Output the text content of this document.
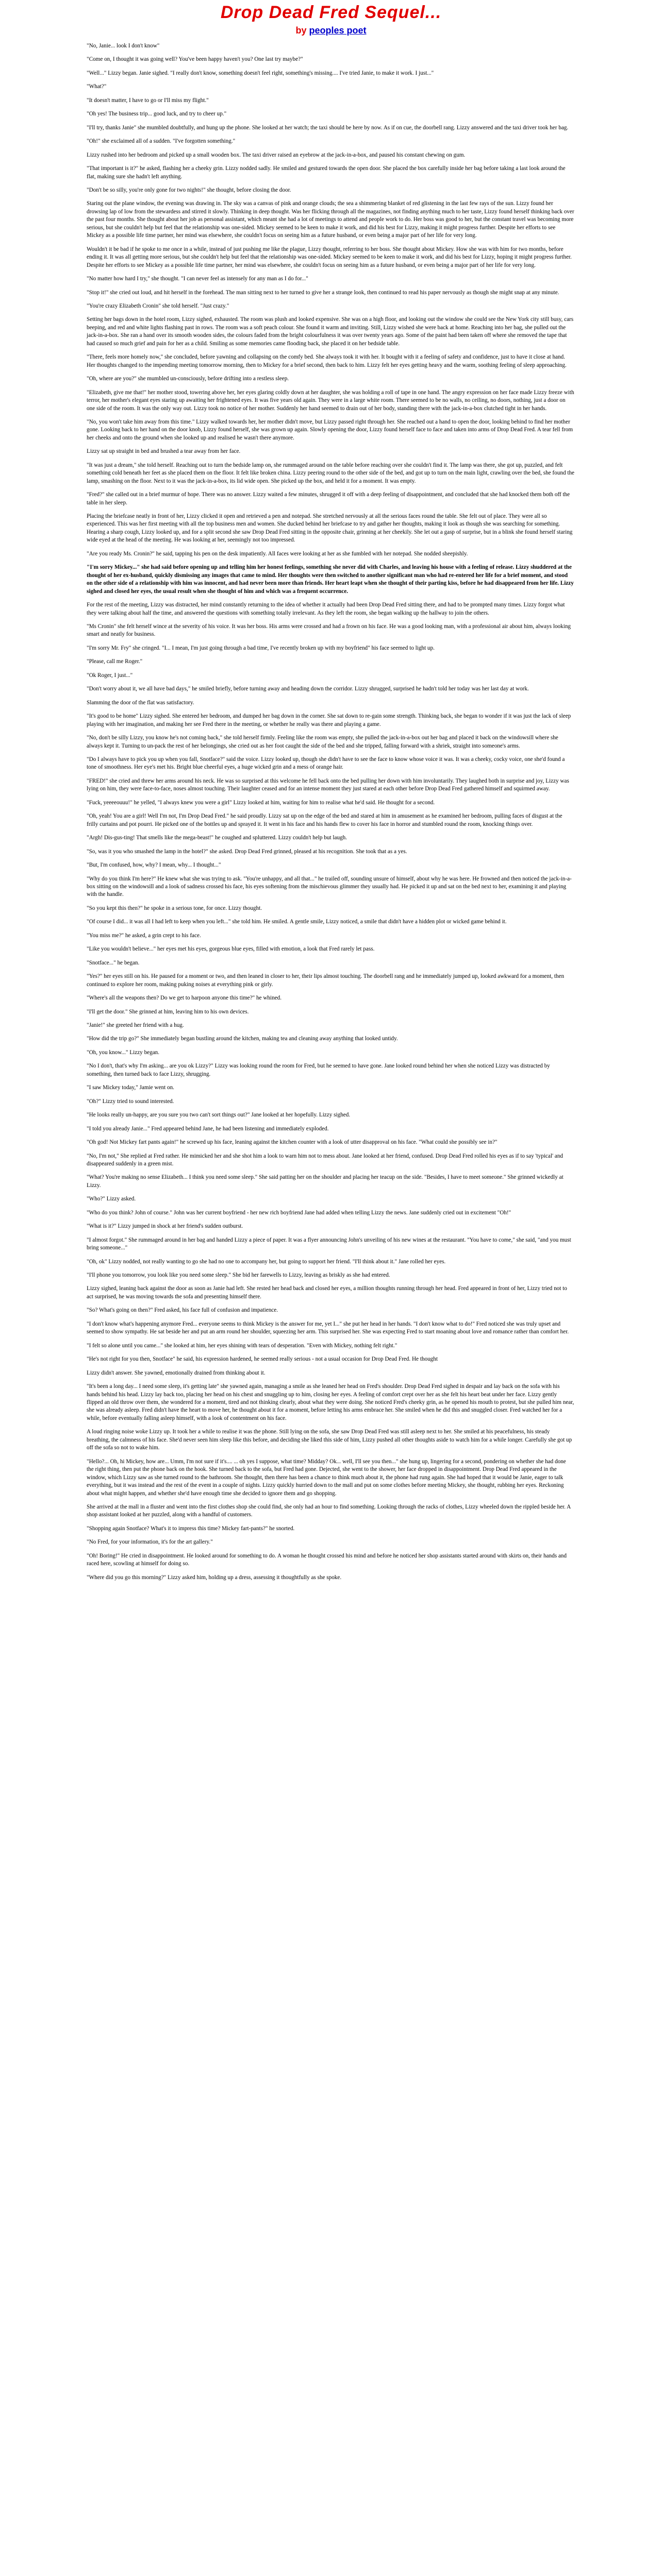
Drop Dead Fred Sequel...
by peoples poet

"No, Janie... look I don't know"

"Come on, I thought it was going well? You've been happy haven't you? One last try maybe?"

"Well..." Lizzy began. Janie sighed. "I really don't know, something doesn't feel right, something's missing.... I've tried Janie, to make it work. I just..."

"What?"

"It doesn't matter, I have to go or I'll miss my flight."

"Oh yes! The business trip... good luck, and try to cheer up."

"I'll try, thanks Janie" she mumbled doubtfully, and hung up the phone. She looked at her watch; the taxi should be here by now. As if on cue, the doorbell rang. Lizzy answered and the taxi driver took her bag.

"Oh!" she exclaimed all of a sudden. "I've forgotten something."

Lizzy rushed into her bedroom and picked up a small wooden box. The taxi driver raised an eyebrow at the jack-in-a-box, and paused his constant chewing on gum.

"That important is it?" he asked, flashing her a cheeky grin. Lizzy nodded sadly. He smiled and gestured towards the open door. She placed the box carefully inside her bag before taking a last look around the flat, making sure she hadn't left anything.

"Don't be so silly, you're only gone for two nights!" she thought, before closing the door.

Staring out the plane window, the evening was drawing in. The sky was a canvas of pink and orange clouds; the sea a shimmering blanket of red glistening in the last few rays of the sun. Lizzy found her drowsing lap of low from the stewardess and stirred it slowly. Thinking in deep thought. Was her flicking through all the magazines, not finding anything much to her taste, Lizzy found herself thinking back over the past four months. She thought about her job as personal assistant, which meant she had a lot of meetings to attend and people work to do. Her boss was good to her, but the constant travel was becoming more serious, but she couldn't help but feel that the relationship was one-sided. Mickey seemed to be keen to make it work, and did his best for Lizzy, making it might progress further. Despite her efforts to see Mickey as a possible life time partner, her mind was elsewhere, she couldn't focus on seeing him as a future husband, or even being a major part of her life for very long.

Wouldn't it be bad if he spoke to me once in a while, instead of just pushing me like the plague, Lizzy thought, referring to her boss. She thought about Mickey. How she was with him for two months, before ending it. It was all getting more serious, but she couldn't help but feel that the relationship was one-sided. Mickey seemed to be keen to make it work, and did his best for Lizzy, hoping it might progress further. Despite her efforts to see Mickey as a possible life time partner, her mind was elsewhere, she couldn't focus on seeing him as a future husband, or even being a major part of her life for very long.

"No matter how hard I try," she thought. "I can never feel as intensely for any man as I do for..."

"Stop it!" she cried out loud, and hit herself in the forehead. The man sitting next to her turned to give her a strange look, then continued to read his paper nervously as though she might snap at any minute.

"You're crazy Elizabeth Cronin" she told herself. "Just crazy."

Setting her bags down in the hotel room, Lizzy sighed, exhausted. The room was plush and looked expensive. She was on a high floor, and looking out the window she could see the New York city still busy, cars beeping, and red and white lights flashing past in rows. The room was a soft peach colour. She found it warm and inviting. Still, Lizzy wished she were back at home. Reaching into her bag, she pulled out the jack-in-a-box. She ran a hand over its smooth wooden sides, the colours faded from the bright colourfulness it was over twenty years ago. Some of the paint had been taken off where she removed the tape that had caused so much grief and pain for her as a child. Smiling as some memories came flooding back, she placed it on her bedside table.

"There, feels more homely now," she concluded, before yawning and collapsing on the comfy bed. She always took it with her. It bought with it a feeling of safety and confidence, just to have it close at hand. Her thoughts changed to the impending meeting tomorrow morning, then to Mickey for a brief second, then back to him. Lizzy felt her eyes getting heavy and the warm, soothing feeling of sleep approaching.

"Oh, where are you?" she mumbled un-consciously, before drifting into a restless sleep.

"Elizabeth, give me that!" her mother stood, towering above her, her eyes glaring coldly down at her daughter, she was holding a roll of tape in one hand. The angry expression on her face made Lizzy freeze with terror, her mother's elegant eyes staring up awaiting her frightened eyes. It was five years old again. They were in a large white room. There seemed to be no walls, no ceiling, no doors, nothing, just a door on one side of the room. It was the only way out. Lizzy took no notice of her mother. Suddenly her hand seemed to drain out of her body, standing there with the jack-in-a-box clutched tight in her hands.

"No, you won't take him away from this time." Lizzy walked towards her, her mother didn't move, but Lizzy passed right through her. She reached out a hand to open the door, looking behind to find her mother gone. Looking back to her hand on the door knob, Lizzy found herself, she was grown up again. Slowly opening the door, Lizzy found herself face to face and taken into arms of Drop Dead Fred. A tear fell from her cheeks and onto the ground when she looked up and realised he wasn't there anymore.

Lizzy sat up straight in bed and brushed a tear away from her face.

"It was just a dream," she told herself. Reaching out to turn the bedside lamp on, she rummaged around on the table before reaching over she couldn't find it. The lamp was there, she got up, puzzled, and felt something cold beneath her feet as she placed them on the floor. It felt like broken china. Lizzy peering round to the other side of the bed, and got up to turn on the main light, crawling over the bed, she found the lamp, smashing on the floor. Next to it was the jack-in-a-box, its lid wide open. She picked up the box, and held it for a moment. It was empty.

"Fred?" she called out in a brief murmur of hope. There was no answer. Lizzy waited a few minutes, shrugged it off with a deep feeling of disappointment, and concluded that she had knocked them both off the table in her sleep.

Placing the briefcase neatly in front of her, Lizzy clicked it open and retrieved a pen and notepad. She stretched nervously at all the serious faces round the table. She felt out of place. They were all so experienced. This was her first meeting with all the top business men and women. She ducked behind her briefcase to try and gather her thoughts, making it look as though she was searching for something. Hearing a sharp cough, Lizzy looked up, and for a split second she saw Drop Dead Fred sitting in the opposite chair, grinning at her cheekily. She let out a gasp of surprise, but in a blink she found herself staring wide eyed at the head of the meeting. He was looking at her, seemingly not too impressed.

"Are you ready Ms. Cronin?" he said, tapping his pen on the desk impatiently. All faces were looking at her as she fumbled with her notepad. She nodded sheepishly.

"I'm sorry Mickey..." she had said before opening up and telling him her honest feelings, something she never did with Charles, and leaving his house with a feeling of release. Lizzy shuddered at the thought of her ex-husband, quickly dismissing any images that came to mind. Her thoughts were then switched to another significant man who had re-entered her life for a brief moment, and stood on the other side of a relationship with him was innocent, and had never been more than friends. Her heart leapt when she thought of their parting kiss, before he had disappeared from her life. Lizzy sighed and closed her eyes, the usual result when she thought of him and which was a frequent occurrence.

For the rest of the meeting, Lizzy was distracted, her mind constantly returning to the idea of whether it actually had been Drop Dead Fred sitting there, and had to be prompted many times. Lizzy forgot what they were talking about half the time, and answered the questions with something totally irrelevant. As they left the room, she began walking up the hallway to join the others.

"Ms Cronin" she felt herself wince at the severity of his voice. It was her boss. His arms were crossed and had a frown on his face. He was a good looking man, with a professional air about him, always looking smart and neatly for business.

"I'm sorry Mr. Fry" she cringed. "I... I mean, I'm just going through a bad time, I've recently broken up with my boyfriend" his face seemed to light up.

"Please, call me Roger."

"Ok Roger, I just..."

"Don't worry about it, we all have bad days," he smiled briefly, before turning away and heading down the corridor. Lizzy shrugged, surprised he hadn't told her today was her last day at work.

Slamming the door of the flat was satisfactory.

"It's good to be home" Lizzy sighed. She entered her bedroom, and dumped her bag down in the corner. She sat down to re-gain some strength. Thinking back, she began to wonder if it was just the lack of sleep playing with her imagination, and making her see Fred there in the meeting, or whether he really was there and playing a game.

"No, don't be silly Lizzy, you know he's not coming back," she told herself firmly. Feeling like the room was empty, she pulled the jack-in-a-box out her bag and placed it back on the windowsill where she always kept it. Turning to un-pack the rest of her belongings, she cried out as her foot caught the side of the bed and she tripped, falling forward with a shriek, straight into someone's arms.

"Do I always have to pick you up when you fall, Snotface?" said the voice. Lizzy looked up, though she didn't have to see the face to know whose voice it was. It was a cheeky, cocky voice, one she'd found a tone of smoothness. Her eye's met his. Bright blue cheerful eyes, a huge wicked grin and a mess of orange hair.

"FRED!" she cried and threw her arms around his neck. He was so surprised at this welcome he fell back onto the bed pulling her down with him involuntarily. They laughed both in surprise and joy, Lizzy was lying on him, they were face-to-face, noses almost touching. Their laughter ceased and for an intense moment they just stared at each other before Drop Dead Fred gathered himself and squirmed away.

"Fuck, yeeeeouuu!" he yelled, "I always knew you were a girl" Lizzy looked at him, waiting for him to realise what he'd said. He thought for a second.

"Oh, yeah! You are a girl! Well I'm not, I'm Drop Dead Fred." he said proudly. Lizzy sat up on the edge of the bed and stared at him in amusement as he examined her bedroom, pulling faces of disgust at the frilly curtains and pot pourri. He picked one of the bottles up and sprayed it. It went in his face and his hands flew to cover his face in horror and stumbled round the room, knocking things over.

"Argh! Dis-gus-ting! That smells like the mega-beast!" he coughed and spluttered. Lizzy couldn't help but laugh.

"So, was it you who smashed the lamp in the hotel?" she asked. Drop Dead Fred grinned, pleased at his recognition. She took that as a yes.

"But, I'm confused, how, why? I mean, why... I thought..."

"Why do you think I'm here?" He knew what she was trying to ask. "You're unhappy, and all that..." he trailed off, sounding unsure of himself, about why he was here. He frowned and then noticed the jack-in-a-box sitting on the windowsill and a look of sadness crossed his face, his eyes softening from the mischievous glimmer they usually had. He picked it up and sat on the bed next to her, examining it and playing with the handle.

"So you kept this then?" he spoke in a serious tone, for once. Lizzy thought.

"Of course I did... it was all I had left to keep when you left..." she told him. He smiled. A gentle smile, Lizzy noticed, a smile that didn't have a hidden plot or wicked game behind it.

"You miss me?" he asked, a grin crept to his face.

"Like you wouldn't believe..." her eyes met his eyes, gorgeous blue eyes, filled with emotion, a look that Fred rarely let pass.

"Snotface..." he began.

"Yes?" her eyes still on his. He paused for a moment or two, and then leaned in closer to her, their lips almost touching. The doorbell rang and he immediately jumped up, looked awkward for a moment, then continued to explore her room, making puking noises at everything pink or girly.

"Where's all the weapons then? Do we get to harpoon anyone this time?" he whined.

"I'll get the door." She grinned at him, leaving him to his own devices.

"Janie!" she greeted her friend with a hug.

"How did the trip go?" She immediately began bustling around the kitchen, making tea and cleaning away anything that looked untidy.

"Oh, you know..." Lizzy began.

"No I don't, that's why I'm asking... are you ok Lizzy?" Lizzy was looking round the room for Fred, but he seemed to have gone. Jane looked round behind her when she noticed Lizzy was distracted by something, then turned back to face Lizzy, shrugging.

"I saw Mickey today," Jamie went on.

"Oh?" Lizzy tried to sound interested.

"He looks really un-happy, are you sure you two can't sort things out?" Jane looked at her hopefully. Lizzy sighed.

"I told you already Janie..." Fred appeared behind Jane, he had been listening and immediately exploded.

"Oh god! Not Mickey fart pants again!" he screwed up his face, leaning against the kitchen counter with a look of utter disapproval on his face. "What could she possibly see in?"

"No, I'm not," She replied at Fred rather. He mimicked her and she shot him a look to warn him not to mess about. Jane looked at her friend, confused. Drop Dead Fred rolled his eyes as if to say 'typical' and disappeared suddenly in a green mist.

"What? You're making no sense Elizabeth... I think you need some sleep." She said patting her on the shoulder and placing her teacup on the side. "Besides, I have to meet someone." She grinned wickedly at Lizzy.

"Who?" Lizzy asked.

"Who do you think? John of course." John was her current boyfriend - her new rich boyfriend Jane had added when telling Lizzy the news. Jane suddenly cried out in excitement "Oh!"

"What is it?" Lizzy jumped in shock at her friend's sudden outburst.

"I almost forgot." She rummaged around in her bag and handed Lizzy a piece of paper. It was a flyer announcing John's unveiling of his new wines at the restaurant. "You have to come," she said, "and you must bring someone..."

"Oh, ok" Lizzy nodded, not really wanting to go she had no one to accompany her, but going to support her friend. "I'll think about it." Jane rolled her eyes.

"I'll phone you tomorrow, you look like you need some sleep." She bid her farewells to Lizzy, leaving as briskly as she had entered.

Lizzy sighed, leaning back against the door as soon as Janie had left. She rested her head back and closed her eyes, a million thoughts running through her head. Fred appeared in front of her, Lizzy tried not to act surprised, he was moving towards the sofa and presenting himself there.

"So? What's going on then?" Fred asked, his face full of confusion and impatience.

"I don't know what's happening anymore Fred... everyone seems to think Mickey is the answer for me, yet I..." she put her head in her hands. "I don't know what to do!" Fred noticed she was truly upset and seemed to show sympathy. He sat beside her and put an arm round her shoulder, squeezing her arm. This surprised her. She was expecting Fred to start moaning about love and romance rather than comfort her.

"I felt so alone until you came..." she looked at him, her eyes shining with tears of desperation. "Even with Mickey, nothing felt right."

"He's not right for you then, Snotface" he said, his expression hardened, he seemed really serious - not a usual occasion for Drop Dead Fred. He thought

Lizzy didn't answer. She yawned, emotionally drained from thinking about it.

"It's been a long day... I need some sleep, it's getting late" she yawned again, managing a smile as she leaned her head on Fred's shoulder. Drop Dead Fred sighed in despair and lay back on the sofa with his hands behind his head. Lizzy lay back too, placing her head on his chest and snuggling up to him, closing her eyes. A feeling of comfort crept over her as she felt his heart beat under her face. Lizzy gently flipped an old throw over them, she wondered for a moment, tired and not thinking clearly, about what they were doing. She noticed Fred's cheeky grin, as he opened his mouth to protest, but she pulled him near, she was already asleep. Fred didn't have the heart to move her, he thought about it for a moment, before letting his arms embrace her. She smiled when he did this and snuggled closer. Fred watched her for a while, before eventually falling asleep himself, with a look of contentment on his face.

A loud ringing noise woke Lizzy up. It took her a while to realise it was the phone. Still lying on the sofa, she saw Drop Dead Fred was still asleep next to her. She smiled at his peacefulness, his steady breathing, the calmness of his face. She'd never seen him sleep like this before, and deciding she liked this side of him, Lizzy pushed all other thoughts aside to watch him for a while longer. Carefully she got up off the sofa so not to wake him.

"Hello?... Oh, hi Mickey, how are... Umm, I'm not sure if it's.... ... oh yes I suppose, what time? Midday? Ok... well, I'll see you then..." she hung up, lingering for a second, pondering on whether she had done the right thing, then put the phone back on the hook. She turned back to the sofa, but Fred had gone. Dejected, she went to the shower, her face dropped in disappointment. Drop Dead Fred appeared in the window, which Lizzy saw as she turned round to the bathroom. She thought, then there has been a chance to think much about it, the phone had rung again. She had hoped that it would be Janie, eager to talk everything, but it was instead and the rest of the event in a couple of nights. Lizzy quickly hurried down to the mall and put on some clothes before meeting Mickey, she thought, rubbing her eyes. Reckoning about what might happen, and whether she'd have enough time she decided to ignore them and go shopping.

She arrived at the mall in a fluster and went into the first clothes shop she could find, she only had an hour to find something. Looking through the racks of clothes, Lizzy wheeled down the rippled beside her. A shop assistant looked at her puzzled, along with a handful of customers.

"Shopping again Snotface? What's it to impress this time? Mickey fart-pants?" he snorted.

"No Fred, for your information, it's for the art gallery."

"Oh! Boring!" He cried in disappointment. He looked around for something to do. A woman he thought crossed his mind and before he noticed her shop assistants started around with skirts on, their hands and raced here, scowling at himself for doing so.

"Where did you go this morning?" Lizzy asked him, holding up a dress, assessing it thoughtfully as she spoke.
